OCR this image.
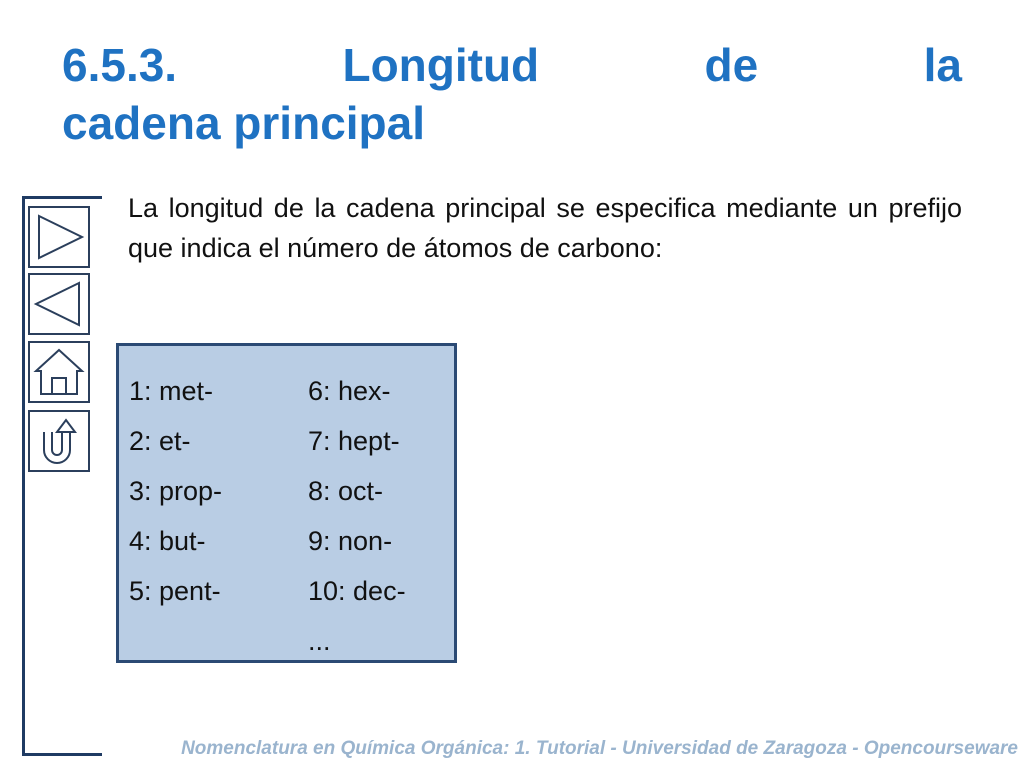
6.5.3.	Longitud	de	la
cadena principal
La longitud de la cadena principal se especifica mediante un prefijo que indica el número de átomos de carbono:
1: met-
2: et-
3: prop-
4: but-
5: pent-
6: hex-
7: hept-
8: oct-
9: non-
10: dec-
...
Nomenclatura en Química Orgánica: 1. Tutorial - Universidad de Zaragoza - Opencourseware
